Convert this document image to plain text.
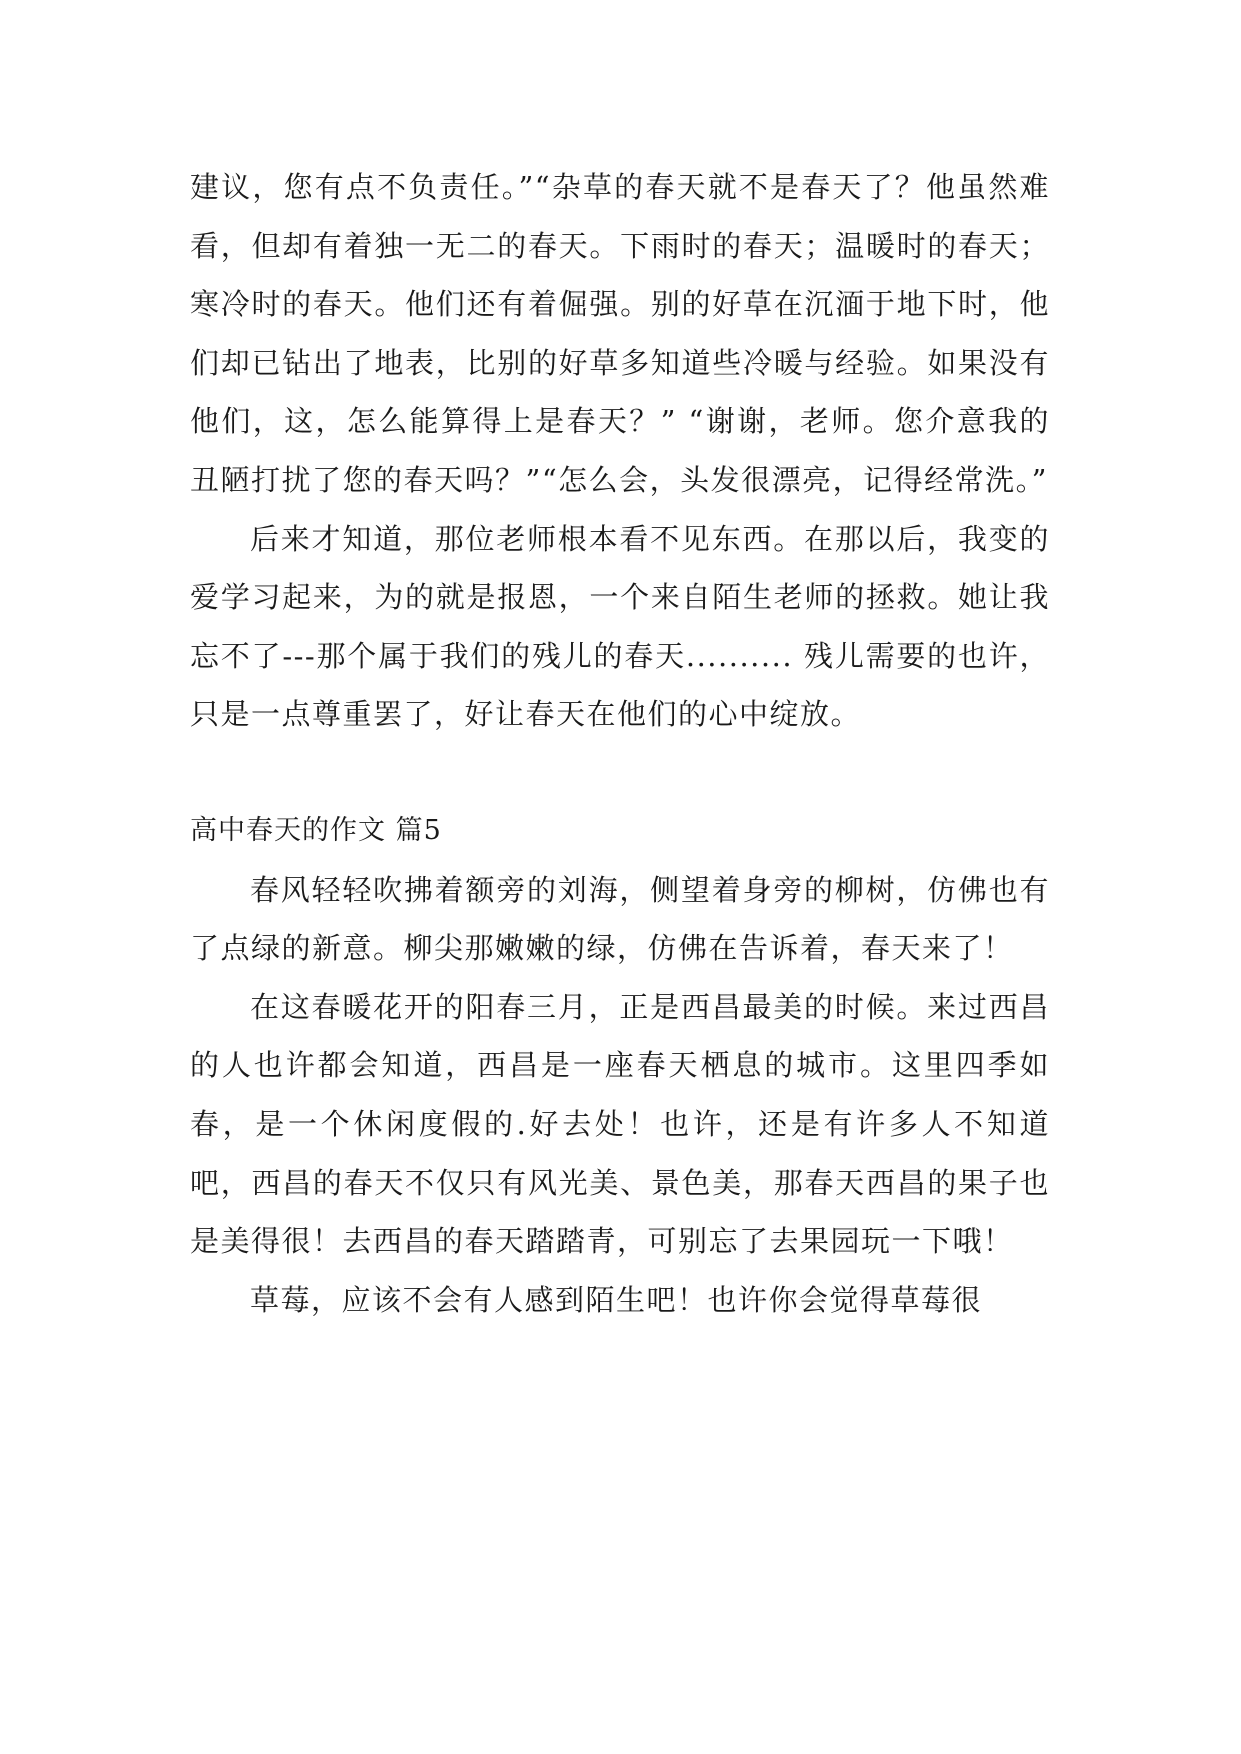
建议，您有点不负责任。”“杂草的春天就不是春天了？他虽然难看，但却有着独一无二的春天。下雨时的春天；温暖时的春天；寒冷时的春天。他们还有着倔强。别的好草在沉湎于地下时，他们却已钻出了地表，比别的好草多知道些冷暖与经验。如果没有他们，这，怎么能算得上是春天？” “谢谢，老师。您介意我的丑陋打扰了您的春天吗？”“怎么会，头发很漂亮，记得经常洗。”

后来才知道，那位老师根本看不见东西。在那以后，我变的爱学习起来，为的就是报恩，一个来自陌生老师的拯救。她让我忘不了---那个属于我们的残儿的春天.......... 残儿需要的也许，只是一点尊重罢了，好让春天在他们的心中绽放。

高中春天的作文 篇5

春风轻轻吹拂着额旁的刘海，侧望着身旁的柳树，仿佛也有了点绿的新意。柳尖那嫩嫩的绿，仿佛在告诉着，春天来了！

在这春暖花开的阳春三月，正是西昌最美的时候。来过西昌的人也许都会知道，西昌是一座春天栖息的城市。这里四季如春，是一个休闲度假的.好去处！也许，还是有许多人不知道吧，西昌的春天不仅只有风光美、景色美，那春天西昌的果子也是美得很！去西昌的春天踏踏青，可别忘了去果园玩一下哦！

草莓，应该不会有人感到陌生吧！也许你会觉得草莓很
